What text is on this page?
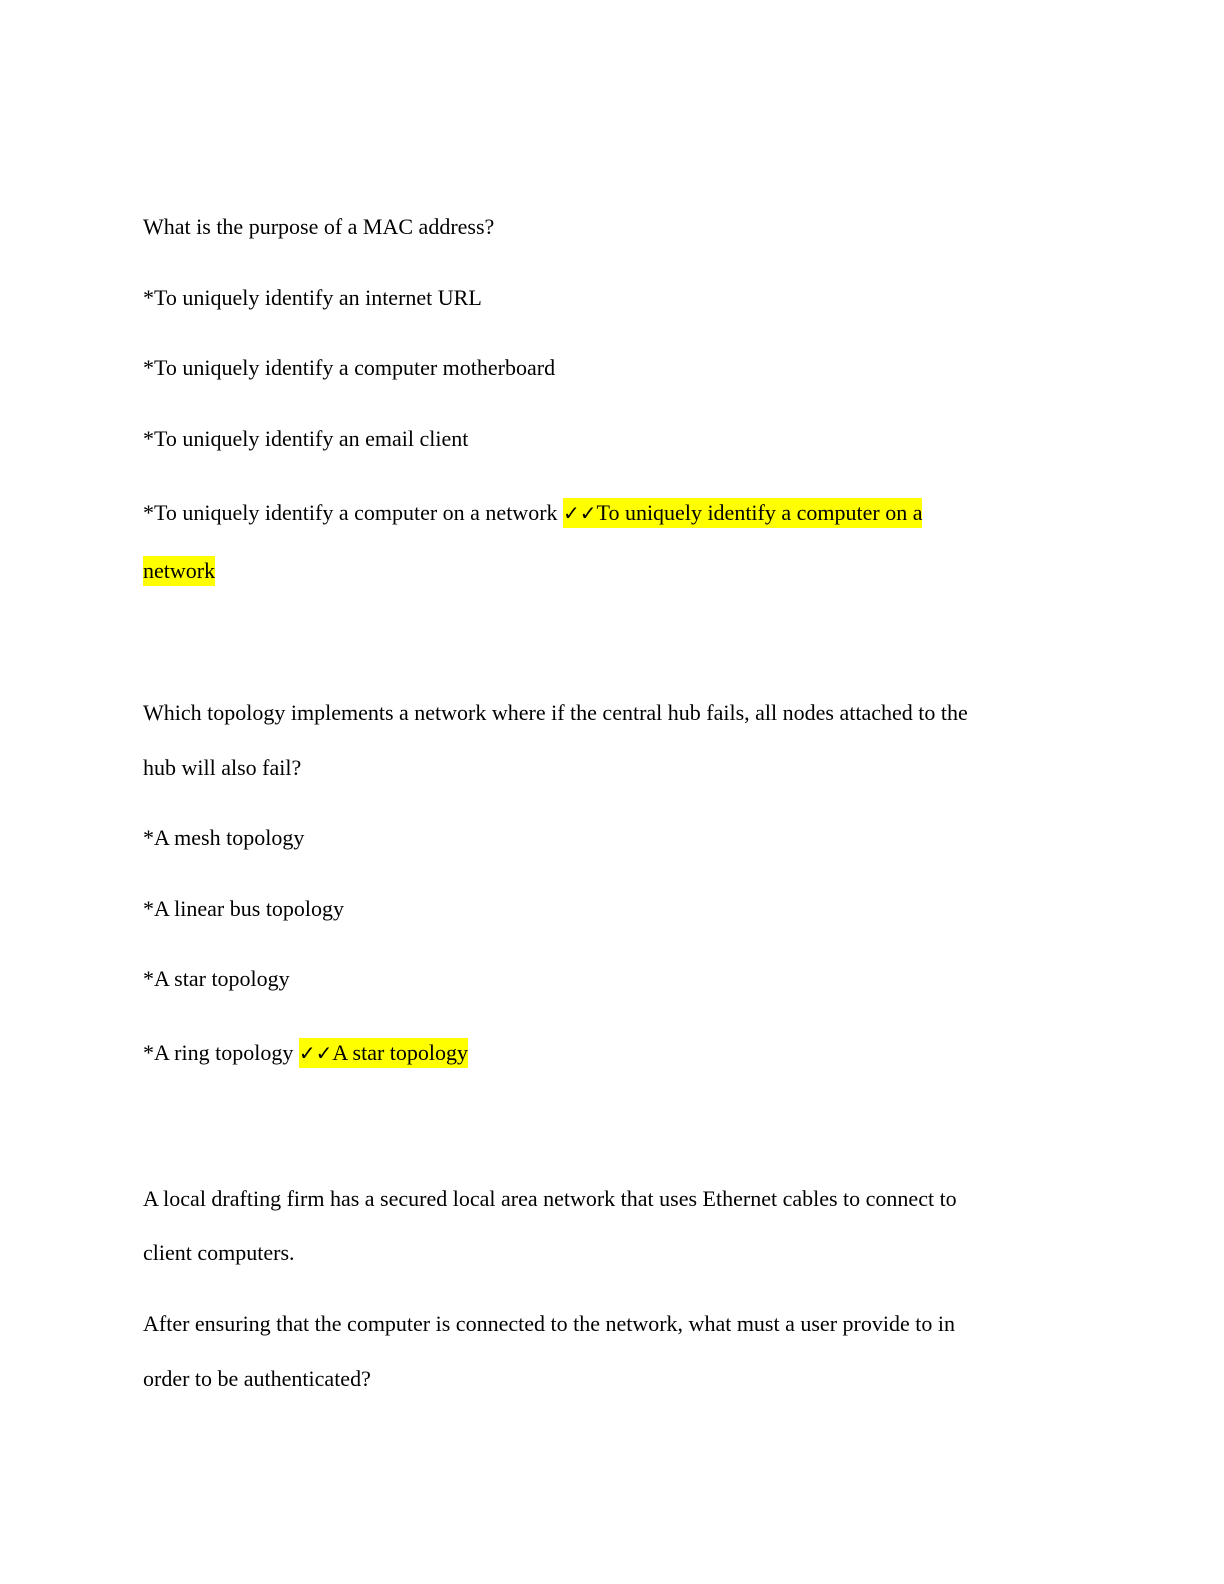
What is the purpose of a MAC address?
*To uniquely identify an internet URL
*To uniquely identify a computer motherboard
*To uniquely identify an email client
*To uniquely identify a computer on a network ✓✓To uniquely identify a computer on a
network
Which topology implements a network where if the central hub fails, all nodes attached to the
hub will also fail?
*A mesh topology
*A linear bus topology
*A star topology
*A ring topology ✓✓A star topology
A local drafting firm has a secured local area network that uses Ethernet cables to connect to
client computers.
After ensuring that the computer is connected to the network, what must a user provide to in
order to be authenticated?
